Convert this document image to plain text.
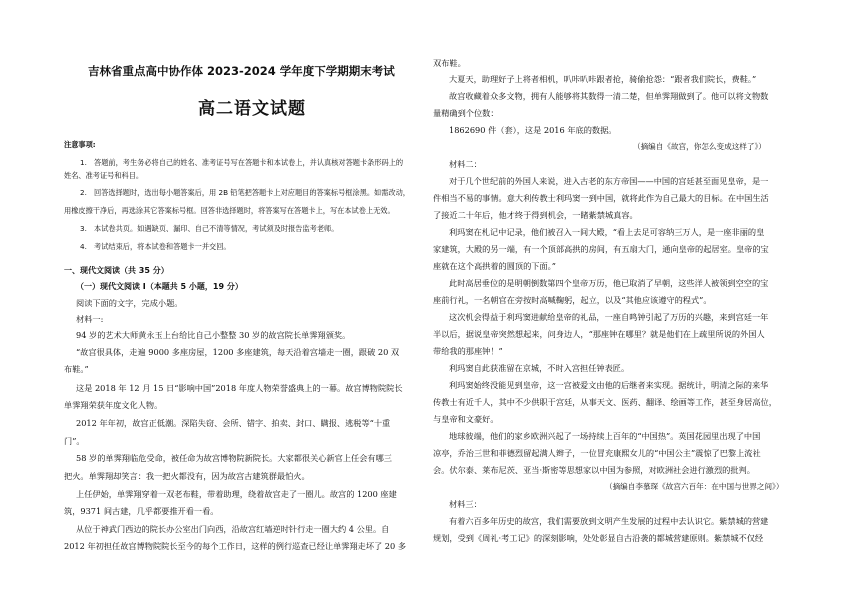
吉林省重点高中协作体 2023-2024 学年度下学期期末考试
高二语文试题
注意事项:
1.　答题前，考生务必将自己的姓名、准考证号写在答题卡和本试卷上，并认真核对答题卡条形码上的
姓名、准考证号和科目。
2.　回答选择题时，选出每小题答案后，用 2B 铅笔把答题卡上对应题目的答案标号框涂黑。如需改动，
用橡皮擦干净后，再选涂其它答案标号框。回答非选择题时，将答案写在答题卡上，写在本试卷上无效。
3.　本试卷共页。如遇缺页、漏印、自己不清等情况，考试须及时报告监考老师。
4.　考试结束后，将本试卷和答题卡一并交回。
一、现代文阅读（共 35 分）
（一）现代文阅读 I（本题共 5 小题，19 分）
阅读下面的文字，完成小题。
材料一:
94 岁的艺术大师黄永玉上台给比自己小整整 30 岁的故宫院长单霁翔颁奖。
“故宫很具体，走遍 9000 多座房屋，1200 多座建筑，每天沿着宫墙走一圈，跟破 20 双
布鞋。”
这是 2018 年 12 月 15 日“影响中国”2018 年度人物荣誉盛典上的一幕。故宫博物院院长
单霁翔荣获年度文化人物。
2012 年年初，故宫正低潮。深陷失窃、会所、错字、拍卖、封口、瞒报、逃税等“十重
门”。
58 岁的单霁翔临危受命，被任命为故宫博物院新院长。大家都很关心新官上任会有哪三
把火。单霁翔却笑言：我一把火都没有，因为故宫古建筑群最怕火。
上任伊始，单霁翔穿着一双老布鞋，带着助理，绕着故宫走了一圈儿。故宫的 1200 座建
筑，9371 间古建，几乎都要推开看一看。
从位于神武门西边的院长办公室出门向西，沿故宫红墙逆时针行走一圈大约 4 公里。自
2012 年初担任故宫博物院院长至今的每个工作日，这样的例行巡查已经让单霁翔走坏了 20 多
双布鞋。
大夏天，助理好子上将者相机，叭咔叭咔跟者抢，骑偷抢怨：“跟者我们院长，费鞋。”
故宫收藏着众多文物，拥有人能够将其数得一清二楚，但单霁翔做到了。他可以将文物数
量精确到个位数：
1862690 件（套），这是 2016 年底的数据。
（摘编自《故宫，你怎么变成这样了》）
材料二：
对于几个世纪前的外国人来说，进入古老的东方帝国——中国的宫廷甚至面见皇帝，是一
件相当不易的事情。意大利传教士利玛窦一到中国，就将此作为自己最大的目标。在中国生活
了接近二十年后，他才终于得到机会，一睹紫禁城真容。
利玛窦在札记中记录，他们被召入一间大殿，“看上去足可容纳三万人，是一座非丽的皇
家建筑，大殿的另一端，有一个顶部高拱的房间，有五扇大门，通向皇帝的起居室。皇帝的宝
座就在这个高拱着的圆顶的下面。”
此时高居垂位的是明朝倒数第四个皇帝万历，他已取消了早朝，这些洋人被领到空空的宝
座前行礼，一名朝官在旁按时高喊鞠躬，起立，以及“其他应该遵守的程式”。
这次机会得益于利玛窦进献给皇帝的礼品，一座自鸣钟引起了万历的兴趣，来到宫廷一年
半以后，据说皇帝突然想起来，问身边人，“那座钟在哪里？就是他们在上疏里所说的外国人
带给我的那座钟！”
利玛窦自此获准留在京城，不时入宫担任钟表匠。
利玛窦始终没能见到皇帝，这一宫被爱文由他的后继者来实现。据统计，明清之际的来华
传教士有近千人，其中不少供职于宫廷，从事天文、医药、翻译、绘画等工作，甚至身居高位，
与皇帝和文豪好。
地球彼端，他们的家乡欧洲兴起了一场持续上百年的“中国热”。英国花园里出现了中国
凉亭，乔治三世和菲德烈留起满人辫子，一位冒充康熙女儿的“中国公主”震惊了巴黎上流社
会。伏尔泰、莱布尼茨、亚当·斯密等思想家以中国为参照，对欧洲社会进行激烈的批判。
（摘编自李慕琛《故宫六百年：在中国与世界之间》）
材料三：
有着六百多年历史的故宫，我们需要放到文明产生发展的过程中去认识它。紫禁城的营建
规划，受到《周礼·考工记》的深刻影响，处处彰显自古沿袭的都城营建原则。紫禁城不仅经
